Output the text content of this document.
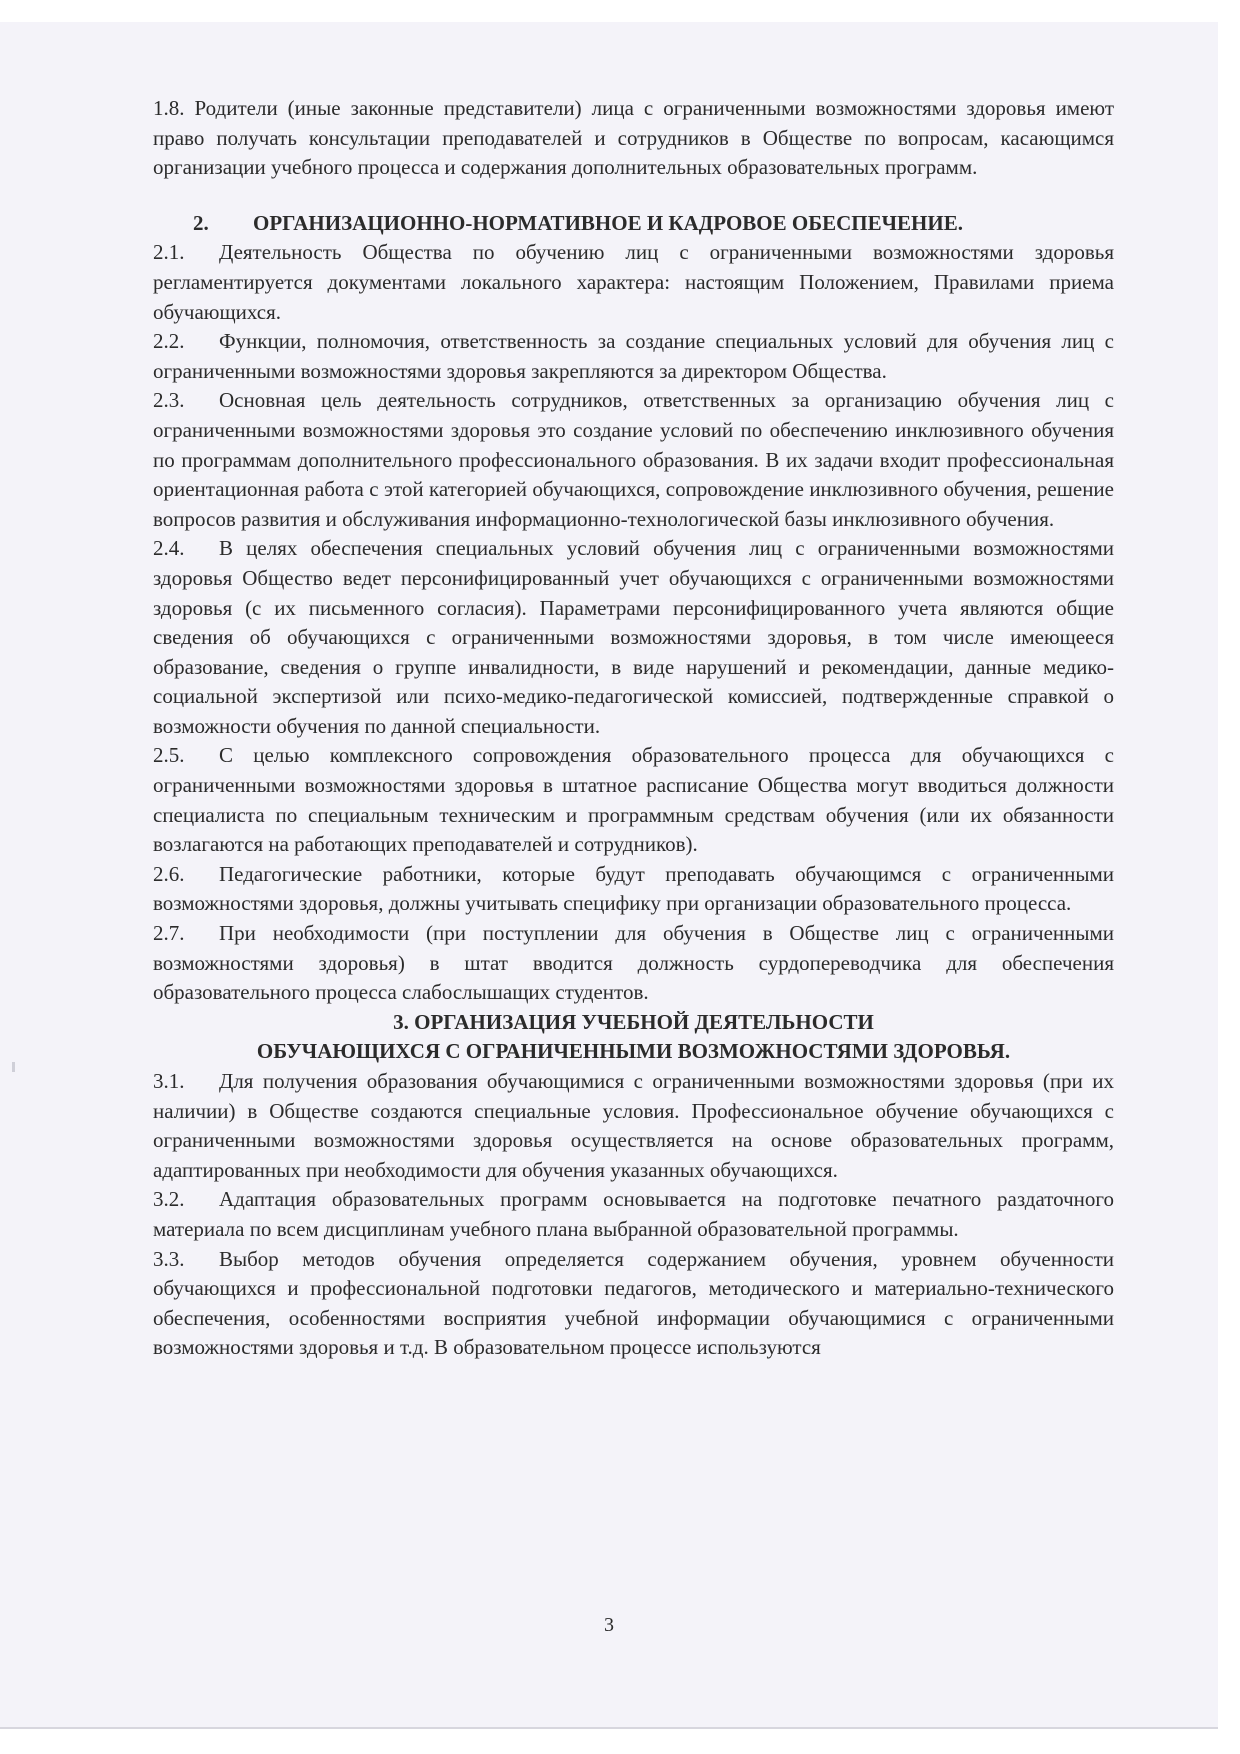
1.8. Родители (иные законные представители) лица с ограниченными возможностями здоровья имеют право получать консультации преподавателей и сотрудников в Обществе по вопросам, касающимся организации учебного процесса и содержания дополнительных образовательных программ.

2. ОРГАНИЗАЦИОННО-НОРМАТИВНОЕ И КАДРОВОЕ ОБЕСПЕЧЕНИЕ.

2.1. Деятельность Общества по обучению лиц с ограниченными возможностями здоровья регламентируется документами локального характера: настоящим Положением, Правилами приема обучающихся.

2.2. Функции, полномочия, ответственность за создание специальных условий для обучения лиц с ограниченными возможностями здоровья закрепляются за директором Общества.

2.3. Основная цель деятельность сотрудников, ответственных за организацию обучения лиц с ограниченными возможностями здоровья это создание условий по обеспечению инклюзивного обучения по программам дополнительного профессионального образования. В их задачи входит профессиональная ориентационная работа с этой категорией обучающихся, сопровождение инклюзивного обучения, решение вопросов развития и обслуживания информационно-технологической базы инклюзивного обучения.

2.4. В целях обеспечения специальных условий обучения лиц с ограниченными возможностями здоровья Общество ведет персонифицированный учет обучающихся с ограниченными возможностями здоровья (с их письменного согласия). Параметрами персонифицированного учета являются общие сведения об обучающихся с ограниченными возможностями здоровья, в том числе имеющееся образование, сведения о группе инвалидности, в виде нарушений и рекомендации, данные медико-социальной экспертизой или психо-медико-педагогической комиссией, подтвержденные справкой о возможности обучения по данной специальности.

2.5. С целью комплексного сопровождения образовательного процесса для обучающихся с ограниченными возможностями здоровья в штатное расписание Общества могут вводиться должности специалиста по специальным техническим и программным средствам обучения (или их обязанности возлагаются на работающих преподавателей и сотрудников).

2.6. Педагогические работники, которые будут преподавать обучающимся с ограниченными возможностями здоровья, должны учитывать специфику при организации образовательного процесса.

2.7. При необходимости (при поступлении для обучения в Обществе лиц с ограниченными возможностями здоровья) в штат вводится должность сурдопереводчика для обеспечения образовательного процесса слабослышащих студентов.

3. ОРГАНИЗАЦИЯ УЧЕБНОЙ ДЕЯТЕЛЬНОСТИ
ОБУЧАЮЩИХСЯ С ОГРАНИЧЕННЫМИ ВОЗМОЖНОСТЯМИ ЗДОРОВЬЯ.

3.1. Для получения образования обучающимися с ограниченными возможностями здоровья (при их наличии) в Обществе создаются специальные условия. Профессиональное обучение обучающихся с ограниченными возможностями здоровья осуществляется на основе образовательных программ, адаптированных при необходимости для обучения указанных обучающихся.

3.2. Адаптация образовательных программ основывается на подготовке печатного раздаточного материала по всем дисциплинам учебного плана выбранной образовательной программы.

3.3. Выбор методов обучения определяется содержанием обучения, уровнем обученности обучающихся и профессиональной подготовки педагогов, методического и материально-технического обеспечения, особенностями восприятия учебной информации обучающимися с ограниченными возможностями здоровья и т.д. В образовательном процессе используются

3
